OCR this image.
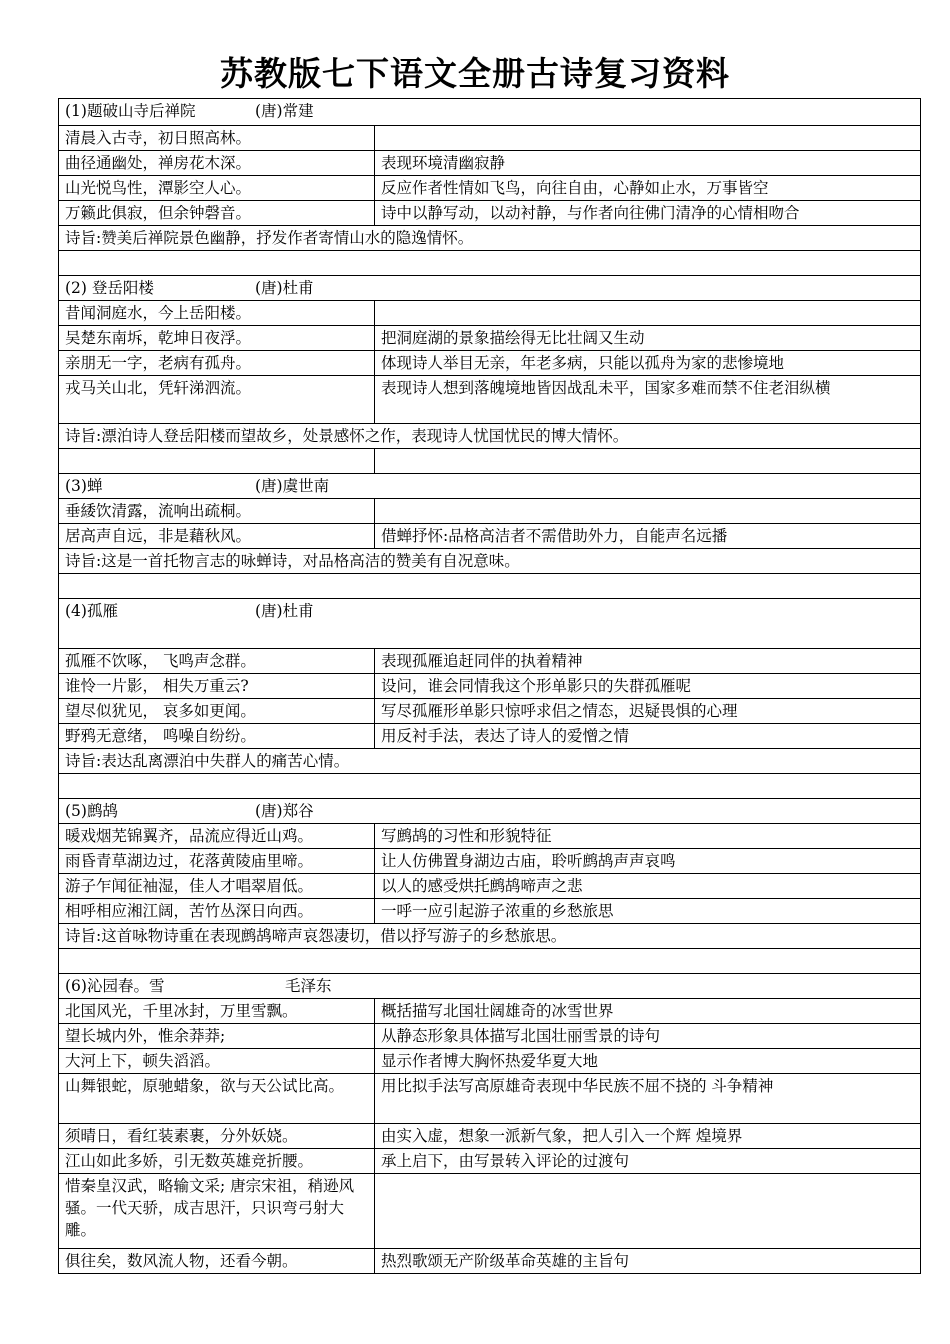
苏教版七下语文全册古诗复习资料
(1)题破山寺后禅院 (唐)常建	
清晨入古寺，初日照高林。	
曲径通幽处，禅房花木深。	表现环境清幽寂静
山光悦鸟性，潭影空人心。	反应作者性情如飞鸟，向往自由，心静如止水，万事皆空
万籁此俱寂，但余钟磬音。	诗中以静写动，以动衬静，与作者向往佛门清净的心情相吻合
诗旨:赞美后禅院景色幽静，抒发作者寄情山水的隐逸情怀。	

(2) 登岳阳楼 (唐)杜甫	
昔闻洞庭水，今上岳阳楼。	
吴楚东南坼，乾坤日夜浮。	把洞庭湖的景象描绘得无比壮阔又生动
亲朋无一字，老病有孤舟。	体现诗人举目无亲，年老多病，只能以孤舟为家的悲惨境地
戎马关山北，凭轩涕泗流。	表现诗人想到落魄境地皆因战乱未平，国家多难而禁不住老泪纵横
诗旨:漂泊诗人登岳阳楼而望故乡，处景感怀之作，表现诗人忧国忧民的博大情怀。	

(3)蝉 (唐)虞世南	
垂緌饮清露，流响出疏桐。	
居高声自远，非是藉秋风。	借蝉抒怀:品格高洁者不需借助外力，自能声名远播
诗旨:这是一首托物言志的咏蝉诗，对品格高洁的赞美有自况意味。	

(4)孤雁 (唐)杜甫	
孤雁不饮啄， 飞鸣声念群。	表现孤雁追赶同伴的执着精神
谁怜一片影， 相失万重云?	设问，谁会同情我这个形单影只的失群孤雁呢
望尽似犹见， 哀多如更闻。	写尽孤雁形单影只惊呼求侣之情态，迟疑畏惧的心理
野鸦无意绪， 鸣噪自纷纷。	用反衬手法，表达了诗人的爱憎之情
诗旨:表达乱离漂泊中失群人的痛苦心情。	

(5)鹧鸪 (唐)郑谷	
暖戏烟芜锦翼齐，品流应得近山鸡。	写鹧鸪的习性和形貌特征
雨昏青草湖边过，花落黄陵庙里啼。	让人仿佛置身湖边古庙，聆听鹧鸪声声哀鸣
游子乍闻征袖湿，佳人才唱翠眉低。	以人的感受烘托鹧鸪啼声之悲
相呼相应湘江阔，苦竹丛深日向西。	一呼一应引起游子浓重的乡愁旅思
诗旨:这首咏物诗重在表现鹧鸪啼声哀怨凄切，借以抒写游子的乡愁旅思。	

(6)沁园春。雪 毛泽东	
北国风光，千里冰封，万里雪飘。	概括描写北国壮阔雄奇的冰雪世界
望长城内外，惟余莽莽;	从静态形象具体描写北国壮丽雪景的诗句
大河上下，顿失滔滔。	显示作者博大胸怀热爱华夏大地
山舞银蛇，原驰蜡象，欲与天公试比高。	用比拟手法写高原雄奇表现中华民族不屈不挠的 斗争精神
须晴日，看红装素裹，分外妖娆。	由实入虚，想象一派新气象，把人引入一个辉 煌境界
江山如此多娇，引无数英雄竞折腰。	承上启下，由写景转入评论的过渡句
惜秦皇汉武，略输文采; 唐宗宋祖，稍逊风骚。一代天骄，成吉思汗，只识弯弓射大雕。	
俱往矣，数风流人物，还看今朝。	热烈歌颂无产阶级革命英雄的主旨句
